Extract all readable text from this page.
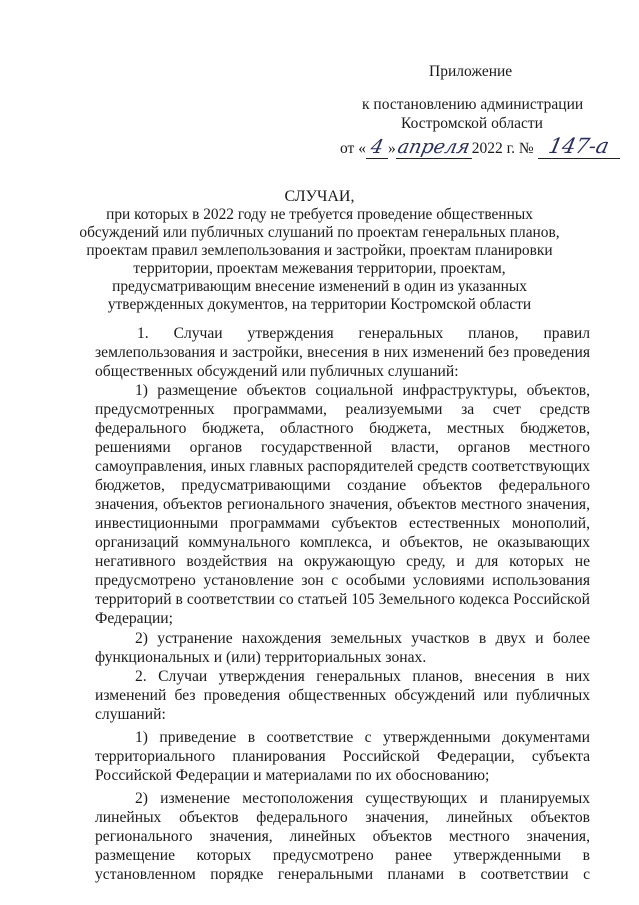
Приложение
к постановлению администрации
Костромской области
от « 4 »апреля2022 г. № 147-а
СЛУЧАИ,
при которых в 2022 году не требуется проведение общественных
обсуждений или публичных слушаний по проектам генеральных планов,
проектам правил землепользования и застройки, проектам планировки
территории, проектам межевания территории, проектам,
предусматривающим внесение изменений в один из указанных
утвержденных документов, на территории Костромской области
1. Случаи утверждения генеральных планов, правил
землепользования и застройки, внесения в них изменений без проведения
общественных обсуждений или публичных слушаний:
1) размещение объектов социальной инфраструктуры, объектов,
предусмотренных программами, реализуемыми за счет средств
федерального бюджета, областного бюджета, местных бюджетов,
решениями органов государственной власти, органов местного
самоуправления, иных главных распорядителей средств соответствующих
бюджетов, предусматривающими создание объектов федерального
значения, объектов регионального значения, объектов местного значения,
инвестиционными программами субъектов естественных монополий,
организаций коммунального комплекса, и объектов, не оказывающих
негативного воздействия на окружающую среду, и для которых не
предусмотрено установление зон с особыми условиями использования
территорий в соответствии со статьей 105 Земельного кодекса Российской
Федерации;
2) устранение нахождения земельных участков в двух и более
функциональных и (или) территориальных зонах.
2. Случаи утверждения генеральных планов, внесения в них
изменений без проведения общественных обсуждений или публичных
слушаний:
1) приведение в соответствие с утвержденными документами
территориального планирования Российской Федерации, субъекта
Российской Федерации и материалами по их обоснованию;
2) изменение местоположения существующих и планируемых
линейных объектов федерального значения, линейных объектов
регионального значения, линейных объектов местного значения,
размещение которых предусмотрено ранее утвержденными в
установленном порядке генеральными планами в соответствии с
